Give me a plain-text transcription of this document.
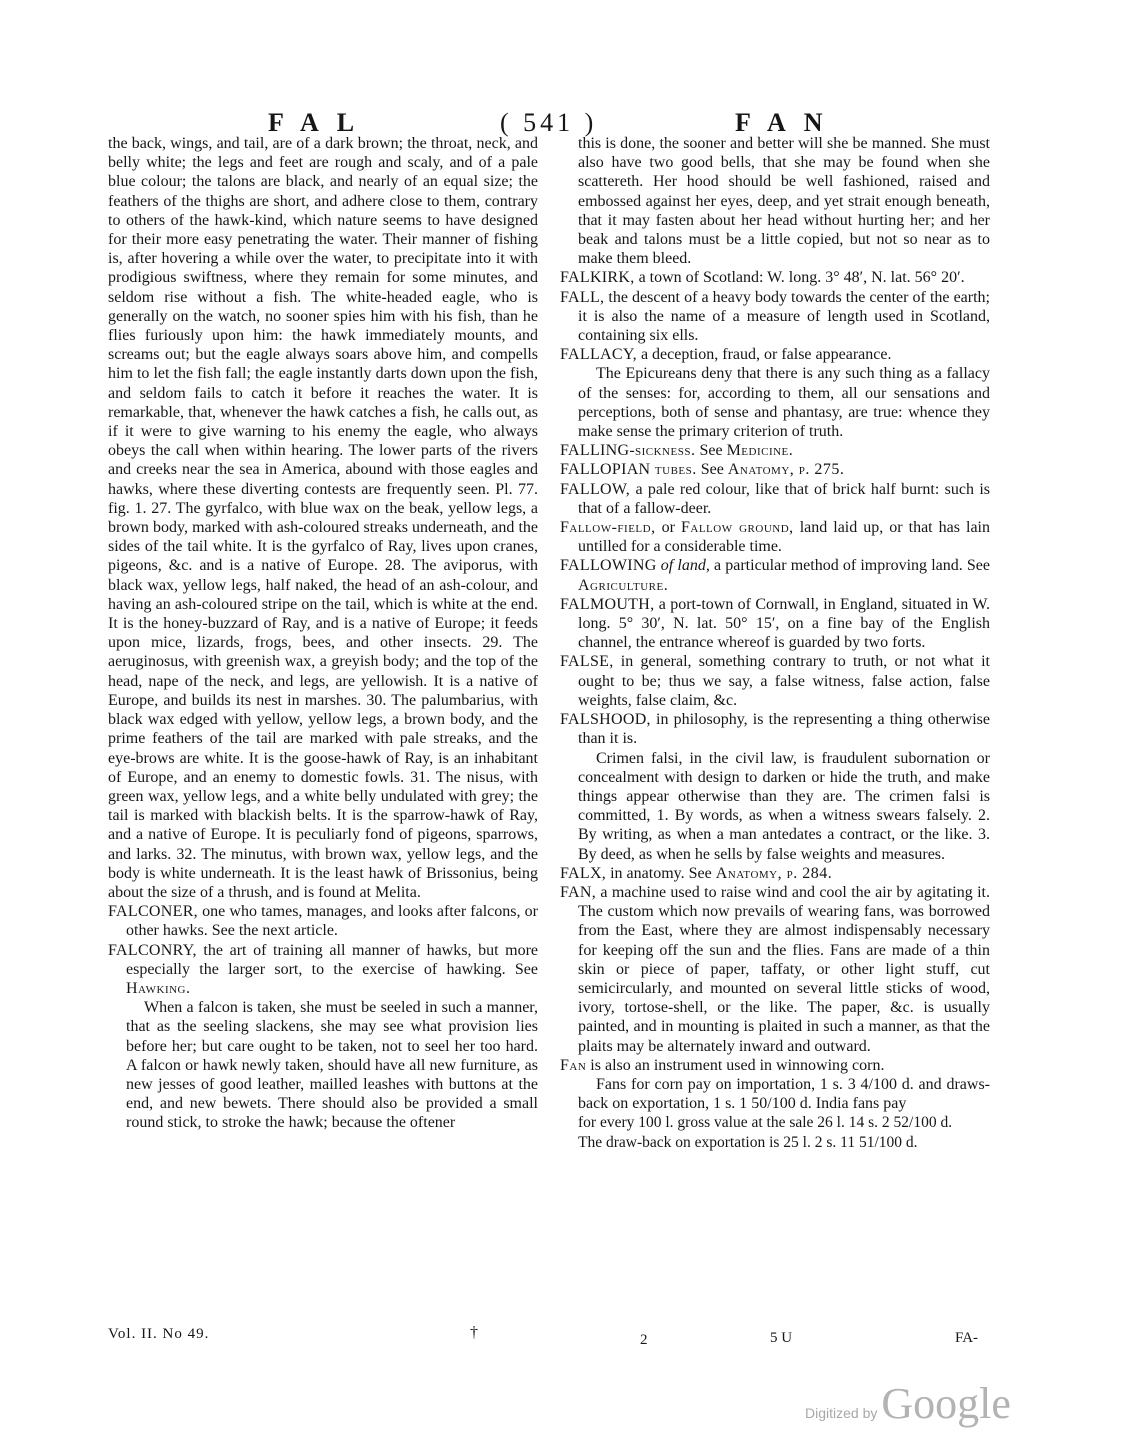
FAL	( 541 )	FAN

the back, wings, and tail, are of a dark brown; the throat, neck, and belly white; the legs and feet are rough and scaly, and of a pale blue colour; the talons are black, and nearly of an equal size; the feathers of the thighs are short, and adhere close to them, contrary to others of the hawk-kind, which nature seems to have designed for their more easy penetrating the water. Their manner of fishing is, after hovering a while over the water, to precipitate into it with prodigious swiftness, where they remain for some minutes, and seldom rise without a fish. The white-headed eagle, who is generally on the watch, no sooner spies him with his fish, than he flies furiously upon him: the hawk immediately mounts, and screams out; but the eagle always soars above him, and compells him to let the fish fall; the eagle instantly darts down upon the fish, and seldom fails to catch it before it reaches the water. It is remarkable, that, whenever the hawk catches a fish, he calls out, as if it were to give warning to his enemy the eagle, who always obeys the call when within hearing. The lower parts of the rivers and creeks near the sea in America, abound with those eagles and hawks, where these diverting contests are frequently seen. Pl. 77. fig. 1. 27. The gyrfalco, with blue wax on the beak, yellow legs, a brown body, marked with ash-coloured streaks underneath, and the sides of the tail white. It is the gyrfalco of Ray, lives upon cranes, pigeons, &c. and is a native of Europe. 28. The aviporus, with black wax, yellow legs, half naked, the head of an ash-colour, and having an ash-coloured stripe on the tail, which is white at the end. It is the honey-buzzard of Ray, and is a native of Europe; it feeds upon mice, lizards, frogs, bees, and other insects. 29. The aeruginosus, with greenish wax, a greyish body; and the top of the head, nape of the neck, and legs, are yellowish. It is a native of Europe, and builds its nest in marshes. 30. The palumbarius, with black wax edged with yellow, yellow legs, a brown body, and the prime feathers of the tail are marked with pale streaks, and the eye-brows are white. It is the goose-hawk of Ray, is an inhabitant of Europe, and an enemy to domestic fowls. 31. The nisus, with green wax, yellow legs, and a white belly undulated with grey; the tail is marked with blackish belts. It is the sparrow-hawk of Ray, and a native of Europe. It is peculiarly fond of pigeons, sparrows, and larks. 32. The minutus, with brown wax, yellow legs, and the body is white underneath. It is the least hawk of Brissonius, being about the size of a thrush, and is found at Melita.

FALCONER, one who tames, manages, and looks after falcons, or other hawks. See the next article.

FALCONRY, the art of training all manner of hawks, but more especially the larger sort, to the exercise of hawking. See Hawking.

When a falcon is taken, she must be seeled in such a manner, that as the seeling slackens, she may see what provision lies before her; but care ought to be taken, not to seel her too hard. A falcon or hawk newly taken, should have all new furniture, as new jesses of good leather, mailled leashes with buttons at the end, and new bewets. There should also be provided a small round stick, to stroke the hawk; because the oftener

this is done, the sooner and better will she be manned. She must also have two good bells, that she may be found when she scattereth. Her hood should be well fashioned, raised and embossed against her eyes, deep, and yet strait enough beneath, that it may fasten about her head without hurting her; and her beak and talons must be a little copied, but not so near as to make them bleed.

FALKIRK, a town of Scotland: W. long. 3° 48′, N. lat. 56° 20′.

FALL, the descent of a heavy body towards the center of the earth; it is also the name of a measure of length used in Scotland, containing six ells.

FALLACY, a deception, fraud, or false appearance.

The Epicureans deny that there is any such thing as a fallacy of the senses: for, according to them, all our sensations and perceptions, both of sense and phantasy, are true: whence they make sense the primary criterion of truth.

FALLING-sickness. See Medicine.

FALLOPIAN tubes. See Anatomy, p. 275.

FALLOW, a pale red colour, like that of brick half burnt: such is that of a fallow-deer.

Fallow-field, or Fallow ground, land laid up, or that has lain untilled for a considerable time.

FALLOWING of land, a particular method of improving land. See Agriculture.

FALMOUTH, a port-town of Cornwall, in England, situated in W. long. 5° 30′, N. lat. 50° 15′, on a fine bay of the English channel, the entrance whereof is guarded by two forts.

FALSE, in general, something contrary to truth, or not what it ought to be; thus we say, a false witness, false action, false weights, false claim, &c.

FALSHOOD, in philosophy, is the representing a thing otherwise than it is.

Crimen falsi, in the civil law, is fraudulent subornation or concealment with design to darken or hide the truth, and make things appear otherwise than they are. The crimen falsi is committed, 1. By words, as when a witness swears falsely. 2. By writing, as when a man antedates a contract, or the like. 3. By deed, as when he sells by false weights and measures.

FALX, in anatomy. See Anatomy, p. 284.

FAN, a machine used to raise wind and cool the air by agitating it. The custom which now prevails of wearing fans, was borrowed from the East, where they are almost indispensably necessary for keeping off the sun and the flies. Fans are made of a thin skin or piece of paper, taffaty, or other light stuff, cut semicircularly, and mounted on several little sticks of wood, ivory, tortose-shell, or the like. The paper, &c. is usually painted, and in mounting is plaited in such a manner, as that the plaits may be alternately inward and outward.

Fan is also an instrument used in winnowing corn.

Fans for corn pay on importation, 1 s. 3 4/100 d. and draws-back on exportation, 1 s. 1 50/100 d. India fans pay

for every 100 l. gross value at the sale 26 l. 14 s. 2 52/100 d.

The draw-back on exportation is 25 l. 2 s. 11 51/100 d.

Vol. II. No 49.	†	2	5 U	FA-
Digitized by Google
